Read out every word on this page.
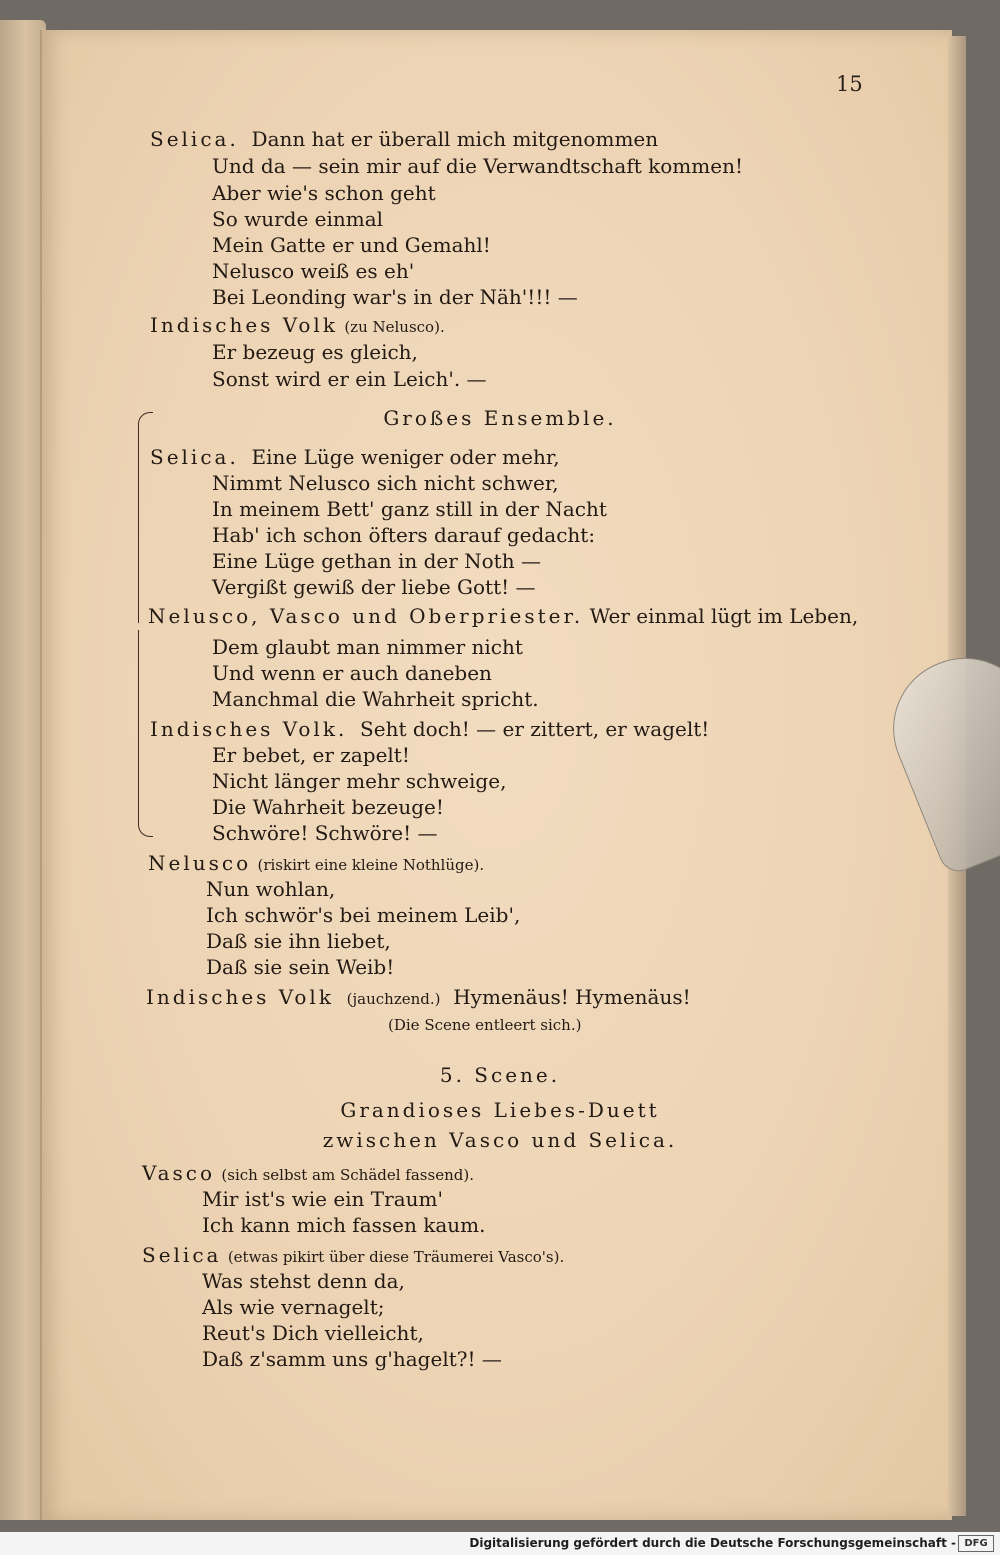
15
Selica. Dann hat er überall mich mitgenommen
Und da — sein mir auf die Verwandtschaft kommen!
Aber wie's schon geht
So wurde einmal
Mein Gatte er und Gemahl!
Nelusco weiß es eh'
Bei Leonding war's in der Näh'!!! —
Indisches Volk (zu Nelusco).
Er bezeug es gleich,
Sonst wird er ein Leich'. —
Großes Ensemble.
Selica. Eine Lüge weniger oder mehr,
Nimmt Nelusco sich nicht schwer,
In meinem Bett' ganz still in der Nacht
Hab' ich schon öfters darauf gedacht:
Eine Lüge gethan in der Noth —
Vergißt gewiß der liebe Gott! —
Nelusco, Vasco und Oberpriester. Wer einmal lügt im Leben,
Dem glaubt man nimmer nicht
Und wenn er auch daneben
Manchmal die Wahrheit spricht.
Indisches Volk. Seht doch! — er zittert, er wagelt!
Er bebet, er zapelt!
Nicht länger mehr schweige,
Die Wahrheit bezeuge!
Schwöre! Schwöre! —
Nelusco (riskirt eine kleine Nothlüge).
Nun wohlan,
Ich schwör's bei meinem Leib',
Daß sie ihn liebet,
Daß sie sein Weib!
Indisches Volk (jauchzend.) Hymenäus! Hymenäus!
(Die Scene entleert sich.)
5. Scene.
Grandioses Liebes-Duett
zwischen Vasco und Selica.
Vasco (sich selbst am Schädel fassend).
Mir ist's wie ein Traum'
Ich kann mich fassen kaum.
Selica (etwas pikirt über diese Träumerei Vasco's).
Was stehst denn da,
Als wie vernagelt;
Reut's Dich vielleicht,
Daß z'samm uns g'hagelt?! —
Digitalisierung gefördert durch die Deutsche Forschungsgemeinschaft - DFG
